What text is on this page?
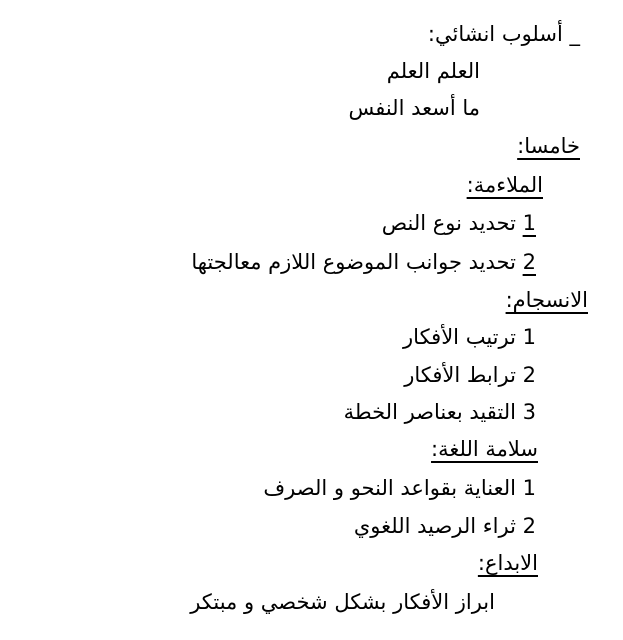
_ أسلوب انشائي:

العلم العلم

ما أسعد النفس

خامسا:

الملاءمة:

1 تحديد نوع النص

2 تحديد جوانب الموضوع اللازم معالجتها

الانسجام:

1 ترتيب الأفكار

2 ترابط الأفكار

3 التقيد بعناصر الخطة

سلامة اللغة:

1 العناية بقواعد النحو و الصرف

2 ثراء الرصيد اللغوي

الابداع:

ابراز الأفكار بشكل شخصي و مبتكر
